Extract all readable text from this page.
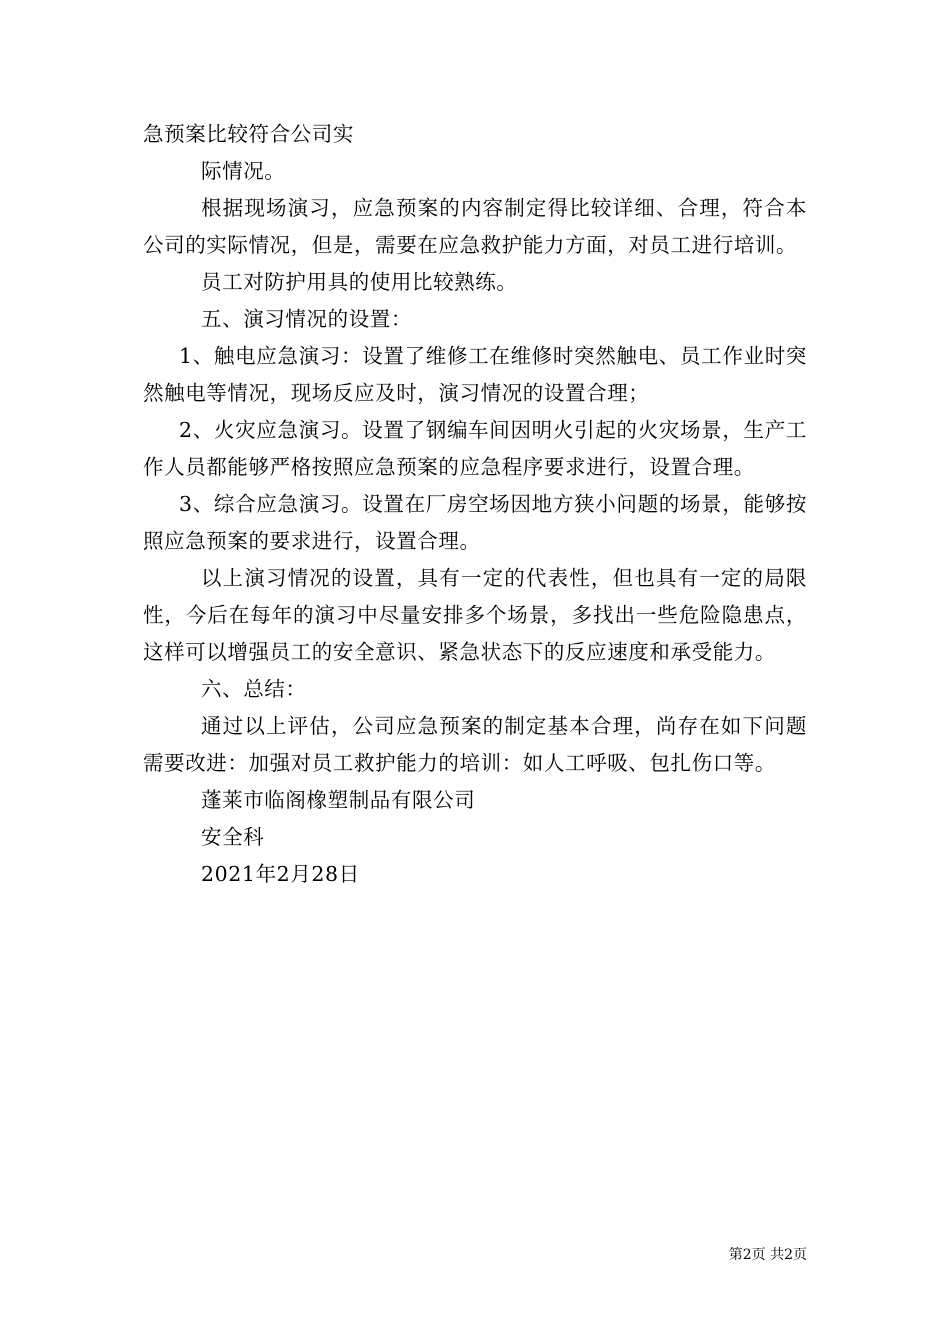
急预案比较符合公司实

际情况。

根据现场演习，应急预案的内容制定得比较详细、合理，符合本公司的实际情况，但是，需要在应急救护能力方面，对员工进行培训。

员工对防护用具的使用比较熟练。

五、演习情况的设置：

1、触电应急演习：设置了维修工在维修时突然触电、员工作业时突然触电等情况，现场反应及时，演习情况的设置合理；

2、火灾应急演习。设置了钢编车间因明火引起的火灾场景，生产工作人员都能够严格按照应急预案的应急程序要求进行，设置合理。

3、综合应急演习。设置在厂房空场因地方狭小问题的场景，能够按照应急预案的要求进行，设置合理。

以上演习情况的设置，具有一定的代表性，但也具有一定的局限性，今后在每年的演习中尽量安排多个场景，多找出一些危险隐患点，这样可以增强员工的安全意识、紧急状态下的反应速度和承受能力。

六、总结：

通过以上评估，公司应急预案的制定基本合理，尚存在如下问题需要改进：加强对员工救护能力的培训：如人工呼吸、包扎伤口等。

蓬莱市临阁橡塑制品有限公司

安全科

2021年2月28日

第2页 共2页
